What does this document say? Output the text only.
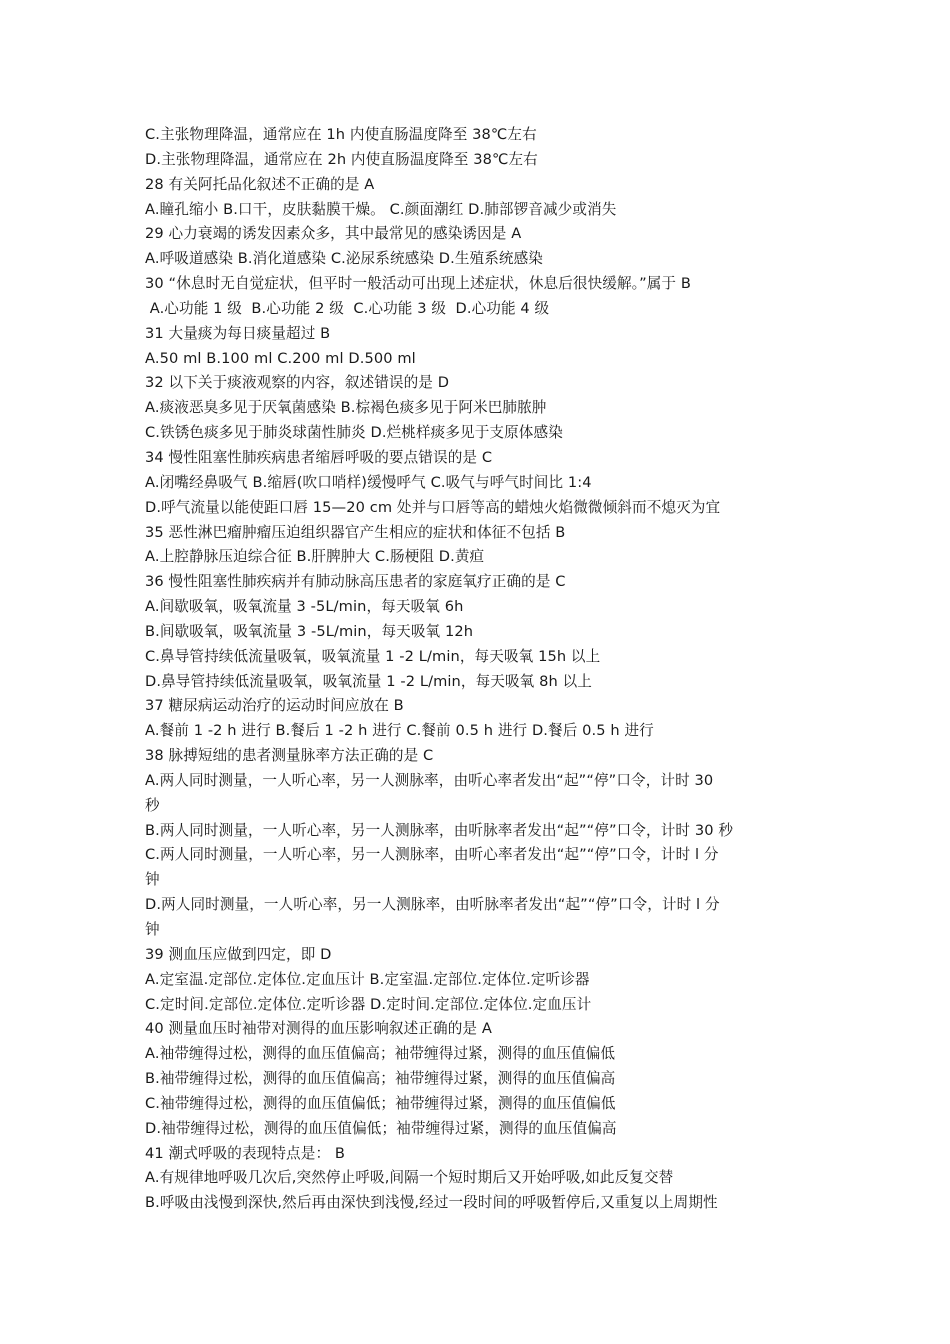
C.主张物理降温，通常应在 1h 内使直肠温度降至 38℃左右

D.主张物理降温，通常应在 2h 内使直肠温度降至 38℃左右

28 有关阿托品化叙述不正确的是 A

A.瞳孔缩小 B.口干，皮肤黏膜干燥。 C.颜面潮红 D.肺部锣音减少或消失

29 心力衰竭的诱发因素众多，其中最常见的感染诱因是 A

A.呼吸道感染 B.消化道感染 C.泌尿系统感染 D.生殖系统感染

30 “休息时无自觉症状，但平时一般活动可出现上述症状，休息后很快缓解。”属于 B

A.心功能 1 级  B.心功能 2 级  C.心功能 3 级  D.心功能 4 级

31 大量痰为每日痰量超过 B

A.50 ml B.100 ml C.200 ml D.500 ml

32 以下关于痰液观察的内容，叙述错误的是 D

A.痰液恶臭多见于厌氧菌感染 B.棕褐色痰多见于阿米巴肺脓肿

C.铁锈色痰多见于肺炎球菌性肺炎 D.烂桃样痰多见于支原体感染

34 慢性阻塞性肺疾病患者缩唇呼吸的要点错误的是 C

A.闭嘴经鼻吸气 B.缩唇(吹口哨样)缓慢呼气 C.吸气与呼气时间比 1:4

D.呼气流量以能使距口唇 15—20 cm 处并与口唇等高的蜡烛火焰微微倾斜而不熄灭为宜

35 恶性淋巴瘤肿瘤压迫组织器官产生相应的症状和体征不包括 B

A.上腔静脉压迫综合征 B.肝脾肿大 C.肠梗阻 D.黄疸

36 慢性阻塞性肺疾病并有肺动脉高压患者的家庭氧疗正确的是 C

A.间歇吸氧，吸氧流量 3 -5L/min，每天吸氧 6h

B.间歇吸氧，吸氧流量 3 -5L/min，每天吸氧 12h

C.鼻导管持续低流量吸氧，吸氧流量 1 -2 L/min，每天吸氧 15h 以上

D.鼻导管持续低流量吸氧，吸氧流量 1 -2 L/min，每天吸氧 8h 以上

37 糖尿病运动治疗的运动时间应放在 B

A.餐前 1 -2 h 进行 B.餐后 1 -2 h 进行 C.餐前 0.5 h 进行 D.餐后 0.5 h 进行

38 脉搏短绌的患者测量脉率方法正确的是 C

A.两人同时测量，一人听心率，另一人测脉率，由听心率者发出“起”“停”口令，计时 30

秒

B.两人同时测量，一人听心率，另一人测脉率，由听脉率者发出“起”“停”口令，计时 30 秒

C.两人同时测量，一人听心率，另一人测脉率，由听心率者发出“起”“停”口令，计时 l 分

钟

D.两人同时测量，一人听心率，另一人测脉率，由听脉率者发出“起”“停”口令，计时 l 分

钟

39 测血压应做到四定，即 D

A.定室温.定部位.定体位.定血压计 B.定室温.定部位.定体位.定听诊器

C.定时间.定部位.定体位.定听诊器 D.定时间.定部位.定体位.定血压计

40 测量血压时袖带对测得的血压影响叙述正确的是 A

A.袖带缠得过松，测得的血压值偏高；袖带缠得过紧，测得的血压值偏低

B.袖带缠得过松，测得的血压值偏高；袖带缠得过紧，测得的血压值偏高

C.袖带缠得过松，测得的血压值偏低；袖带缠得过紧，测得的血压值偏低

D.袖带缠得过松，测得的血压值偏低；袖带缠得过紧，测得的血压值偏高

41 潮式呼吸的表现特点是： B

A.有规律地呼吸几次后,突然停止呼吸,间隔一个短时期后又开始呼吸,如此反复交替

B.呼吸由浅慢到深快,然后再由深快到浅慢,经过一段时间的呼吸暂停后,又重复以上周期性
